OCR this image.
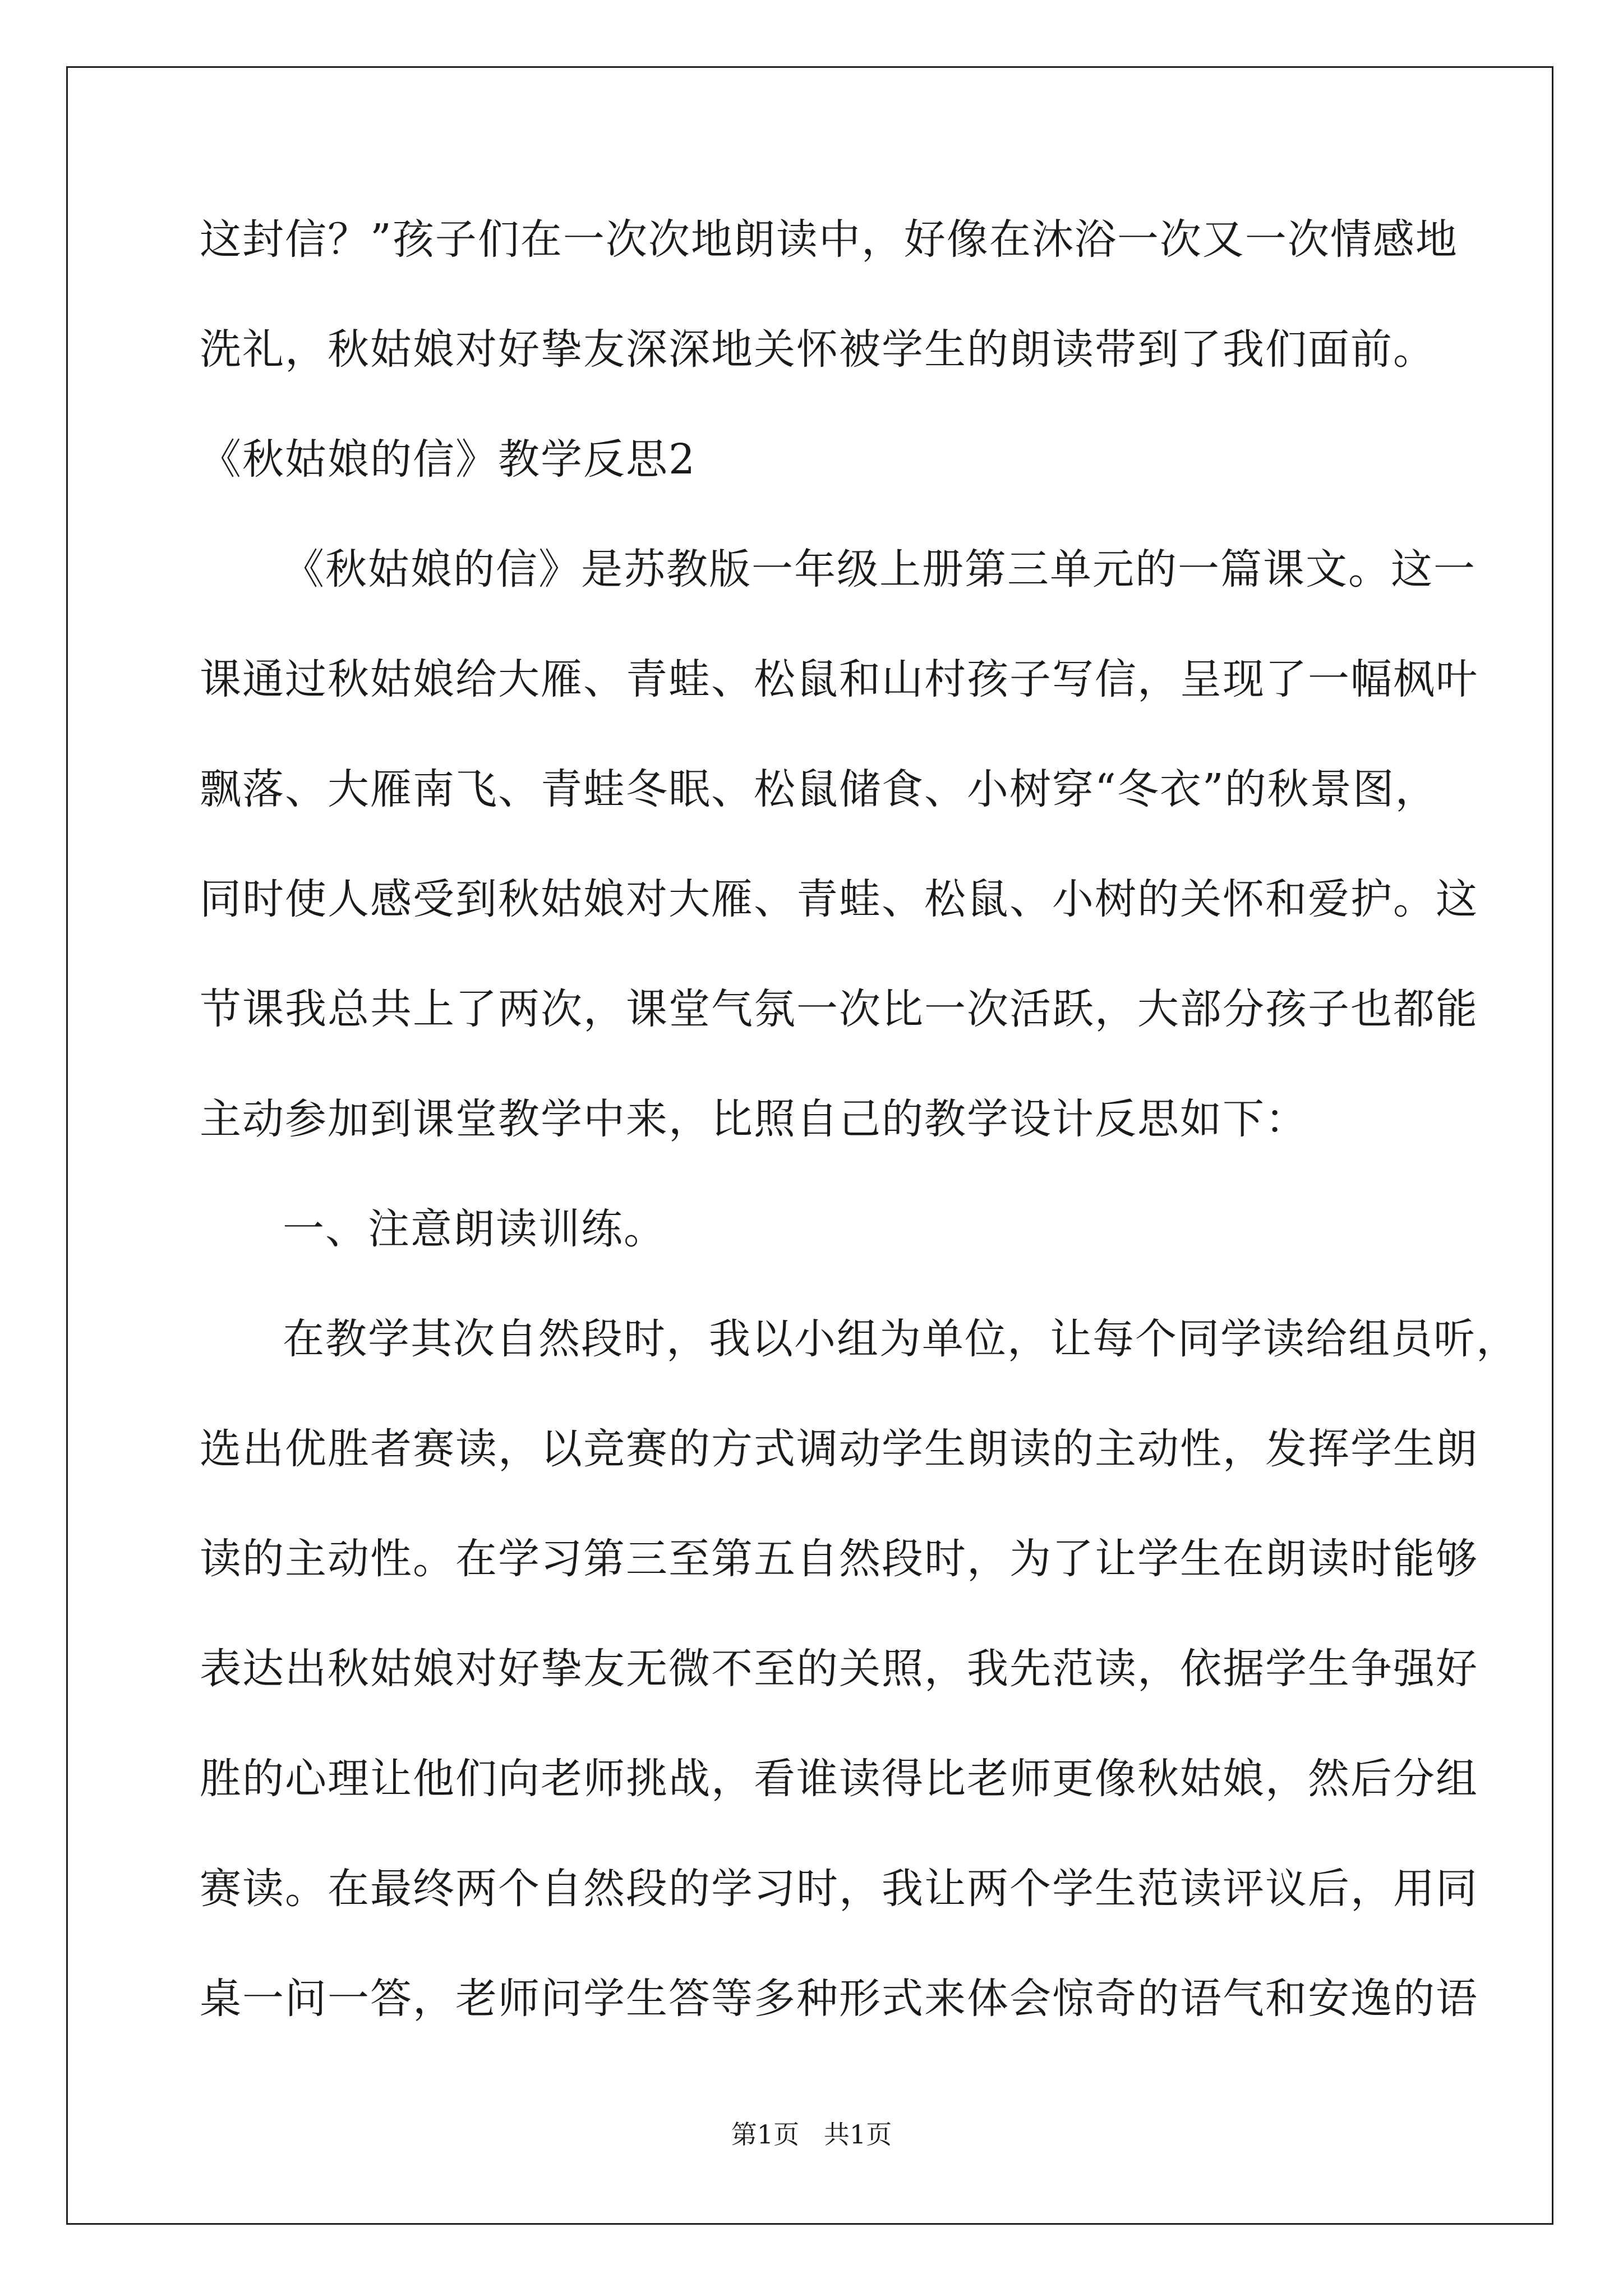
这封信？”孩子们在一次次地朗读中，好像在沐浴一次又一次情感地
洗礼，秋姑娘对好挚友深深地关怀被学生的朗读带到了我们面前。
《秋姑娘的信》教学反思2
《秋姑娘的信》是苏教版一年级上册第三单元的一篇课文。这一
课通过秋姑娘给大雁、青蛙、松鼠和山村孩子写信，呈现了一幅枫叶
飘落、大雁南飞、青蛙冬眠、松鼠储食、小树穿“冬衣”的秋景图，
同时使人感受到秋姑娘对大雁、青蛙、松鼠、小树的关怀和爱护。这
节课我总共上了两次，课堂气氛一次比一次活跃，大部分孩子也都能
主动参加到课堂教学中来，比照自己的教学设计反思如下：
一、注意朗读训练。
在教学其次自然段时，我以小组为单位，让每个同学读给组员听，
选出优胜者赛读，以竞赛的方式调动学生朗读的主动性，发挥学生朗
读的主动性。在学习第三至第五自然段时，为了让学生在朗读时能够
表达出秋姑娘对好挚友无微不至的关照，我先范读，依据学生争强好
胜的心理让他们向老师挑战，看谁读得比老师更像秋姑娘，然后分组
赛读。在最终两个自然段的学习时，我让两个学生范读评议后，用同
桌一问一答，老师问学生答等多种形式来体会惊奇的语气和安逸的语
第1页   共1页
